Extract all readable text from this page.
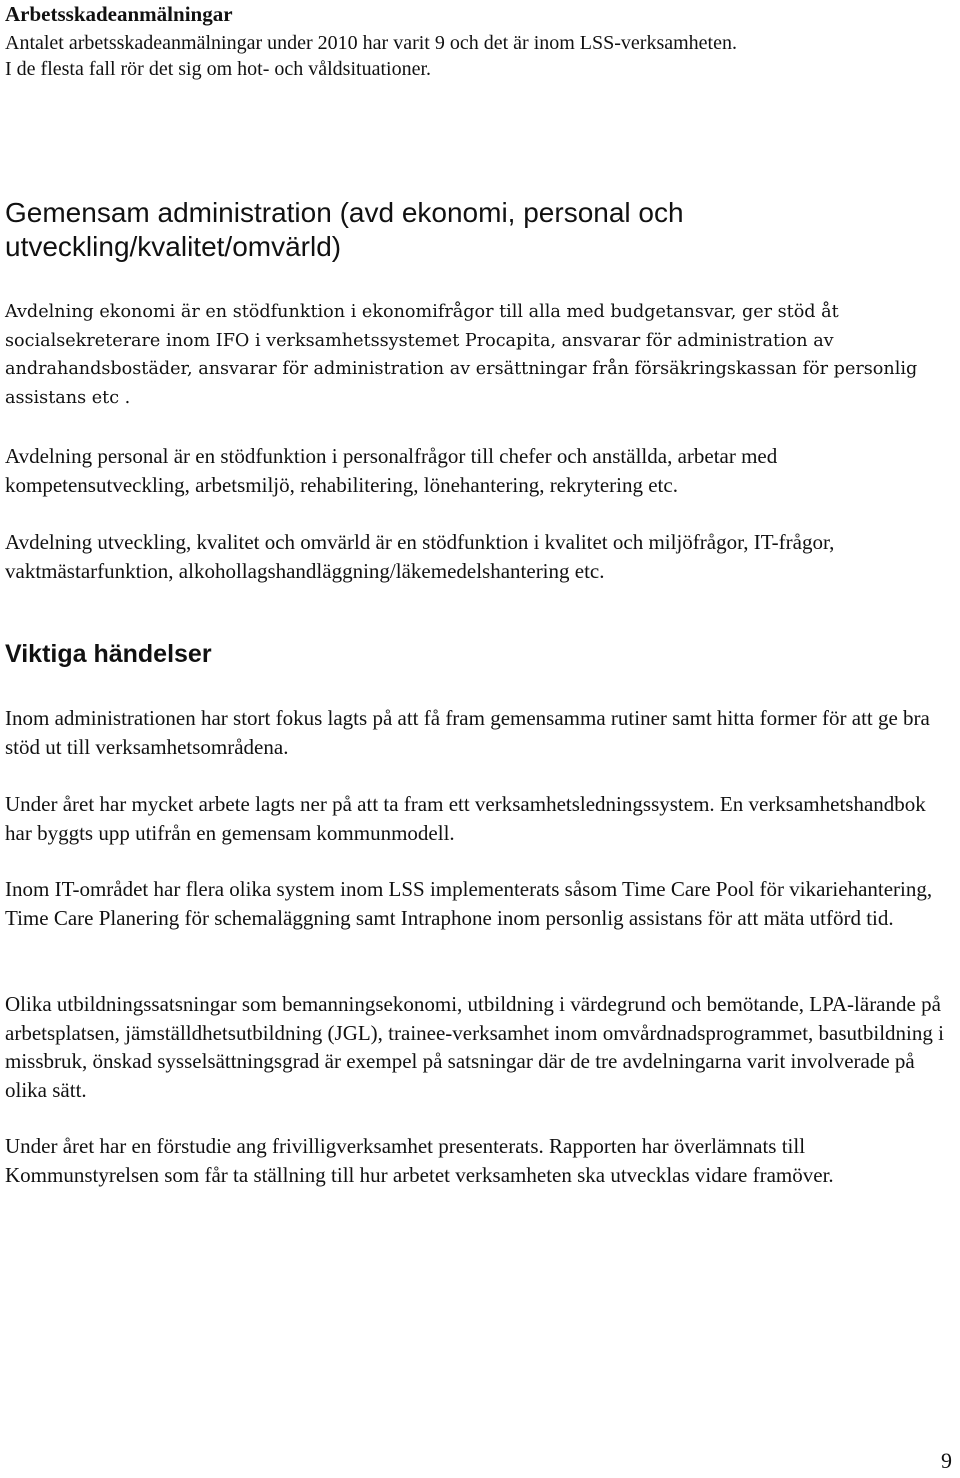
Arbetsskadeanmälningar

Antalet arbetsskadeanmälningar under 2010 har varit 9 och det är inom LSS-verksamheten.

I de flesta fall rör det sig om hot- och våldsituationer.

Gemensam administration (avd ekonomi, personal och utveckling/kvalitet/omvärld)

Avdelning ekonomi är en stödfunktion i ekonomifrågor till alla med budgetansvar, ger stöd åt socialsekreterare inom IFO i verksamhetssystemet Procapita, ansvarar för administration av andrahandsbostäder, ansvarar för administration av ersättningar från försäkringskassan för personlig assistans etc .

Avdelning personal är en stödfunktion i personalfrågor till chefer och anställda, arbetar med kompetensutveckling, arbetsmiljö, rehabilitering, lönehantering, rekrytering etc.

Avdelning utveckling, kvalitet och omvärld är en stödfunktion i kvalitet och miljöfrågor, IT-frågor, vaktmästarfunktion, alkohollagshandläggning/läkemedelshantering etc.

Viktiga händelser

Inom administrationen har stort fokus lagts på att få fram gemensamma rutiner samt hitta former för att ge bra stöd ut till verksamhetsområdena.

Under året har mycket arbete lagts ner på att ta fram ett verksamhetsledningssystem. En verksamhetshandbok har byggts upp utifrån en gemensam kommunmodell.

Inom IT-området har flera olika system inom LSS implementerats såsom Time Care Pool för vikariehantering, Time Care Planering för schemaläggning samt Intraphone inom personlig assistans för att mäta utförd tid.

Olika utbildningssatsningar som bemanningsekonomi, utbildning i värdegrund och bemötande, LPA-lärande på arbetsplatsen, jämställdhetsutbildning (JGL), trainee-verksamhet inom omvårdnadsprogrammet, basutbildning i missbruk, önskad sysselsättningsgrad är exempel på satsningar där de tre avdelningarna varit involverade på olika sätt.

Under året har en förstudie ang frivilligverksamhet presenterats. Rapporten har överlämnats till Kommunstyrelsen som får ta ställning till hur arbetet verksamheten ska utvecklas vidare framöver.

9
